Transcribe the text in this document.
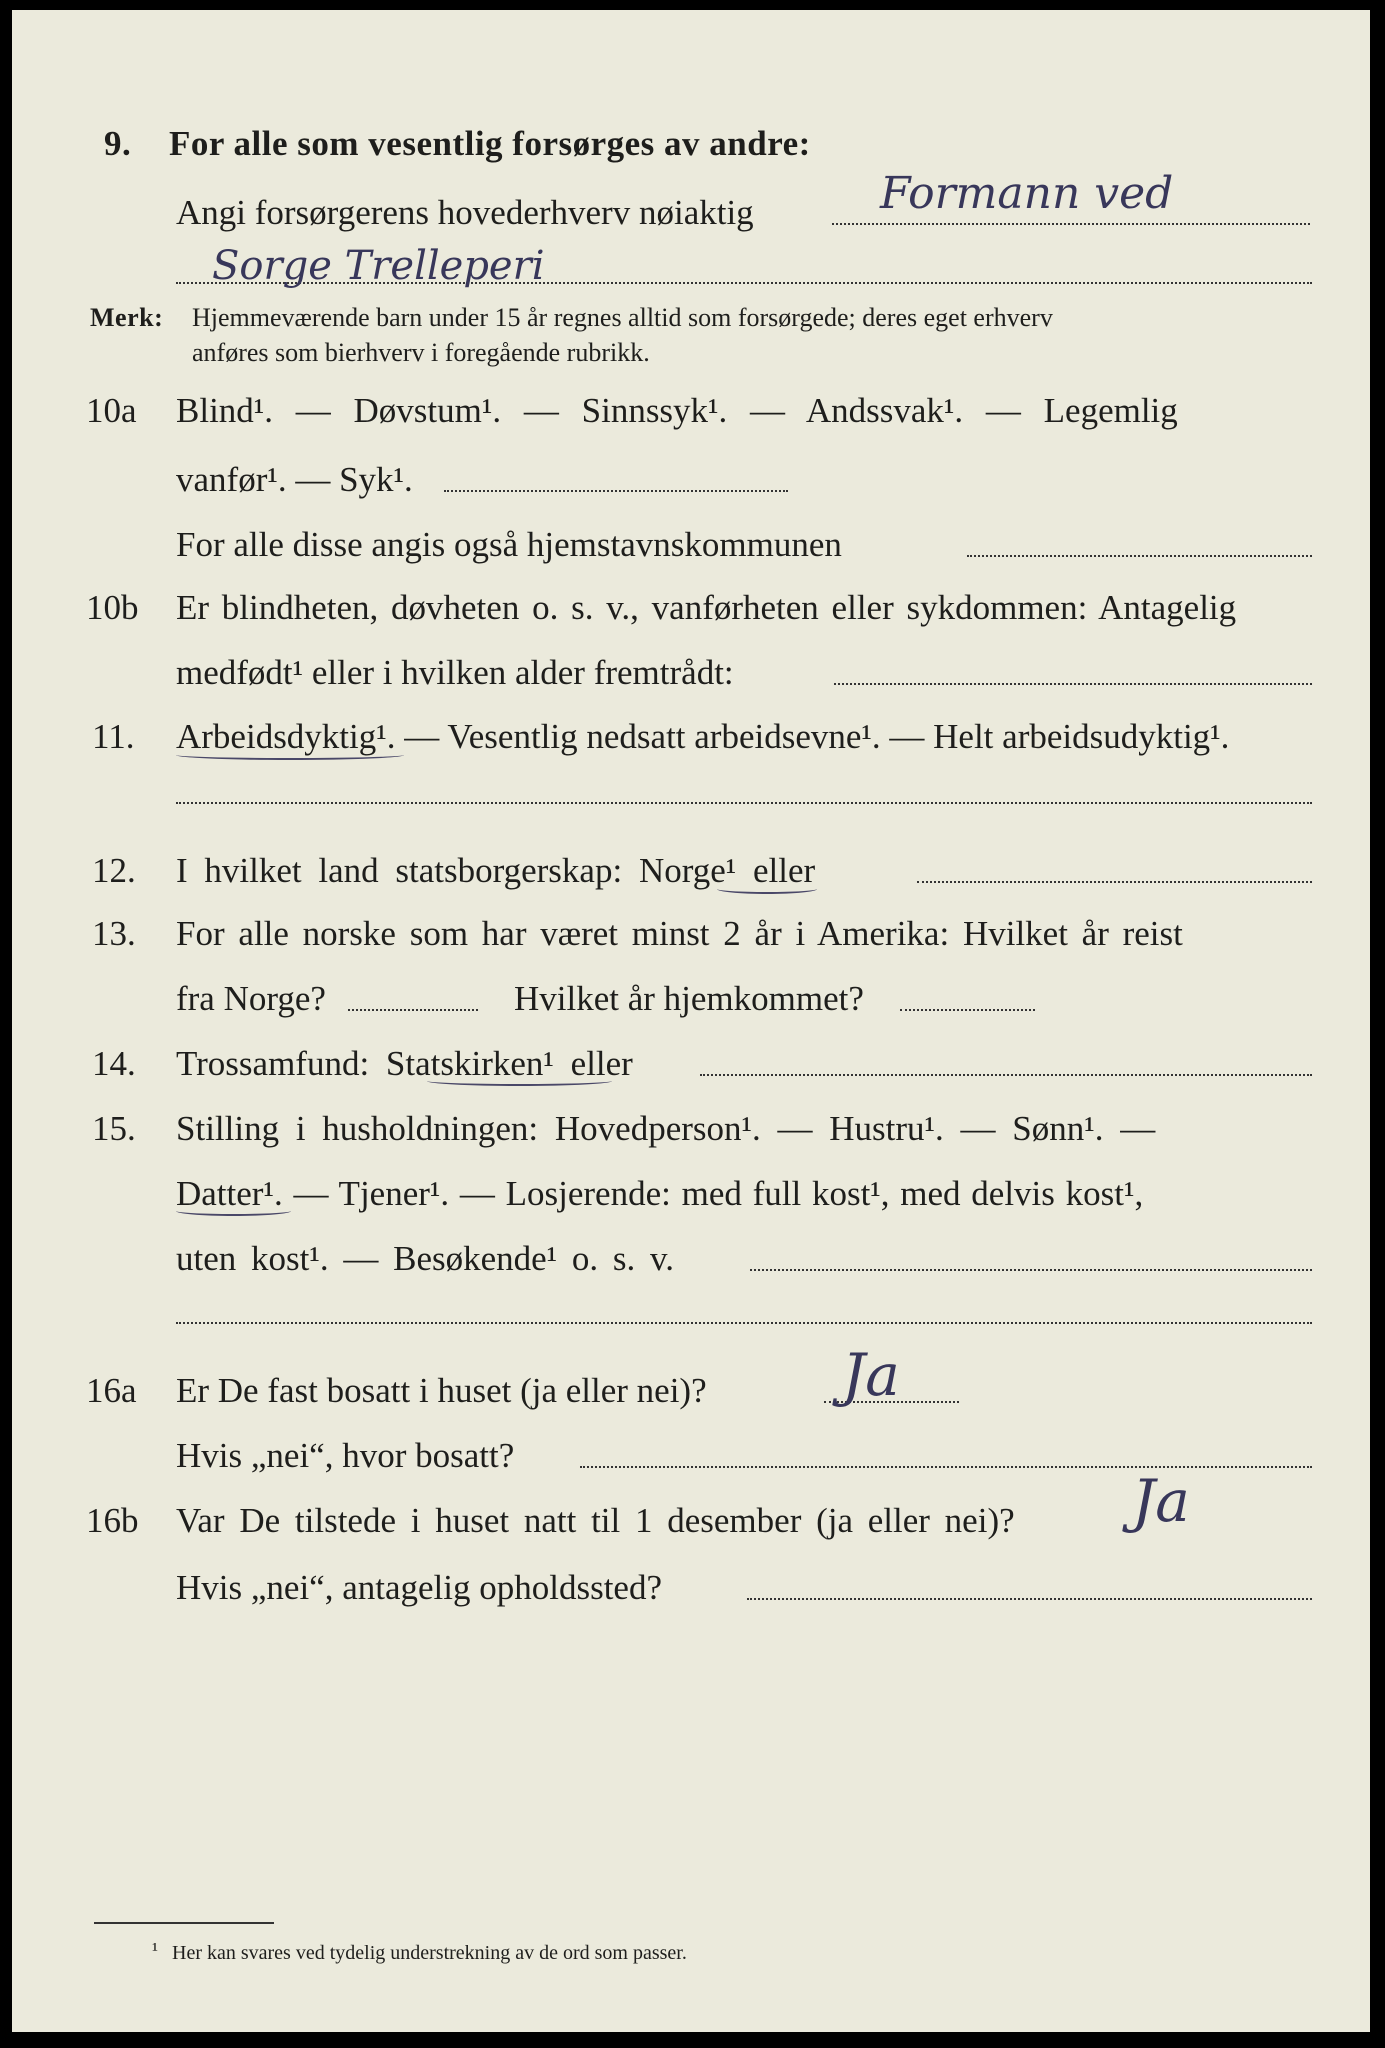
9. For alle som vesentlig forsørges av andre:
Angi forsørgerens hovederhverv nøiaktig	Formann ved
Sorge Trelleperi
Merk: Hjemmeværende barn under 15 år regnes alltid som forsørgede; deres eget erhverv
anføres som bierhverv i foregående rubrikk.
10a Blind¹. — Døvstum¹. — Sinnssyk¹. — Andssvak¹. — Legemlig
vanfør¹. — Syk¹.
For alle disse angis også hjemstavnskommunen
10b Er blindheten, døvheten o. s. v., vanførheten eller sykdommen: Antagelig
medfødt¹ eller i hvilken alder fremtrådt:
11. Arbeidsdyktig¹. — Vesentlig nedsatt arbeidsevne¹. — Helt arbeidsudyktig¹.
12. I hvilket land statsborgerskap: Norge¹ eller
13. For alle norske som har været minst 2 år i Amerika: Hvilket år reist
fra Norge?	Hvilket år hjemkommet?
14. Trossamfund: Statskirken¹ eller
15. Stilling i husholdningen: Hovedperson¹. — Hustru¹. — Sønn¹. —
Datter¹. — Tjener¹. — Losjerende: med full kost¹, med delvis kost¹,
uten kost¹. — Besøkende¹ o. s. v.
16a Er De fast bosatt i huset (ja eller nei)? Ja
Hvis „nei“, hvor bosatt?
16b Var De tilstede i huset natt til 1 desember (ja eller nei)? Ja
Hvis „nei“, antagelig opholdssted?
¹ Her kan svares ved tydelig understrekning av de ord som passer.
